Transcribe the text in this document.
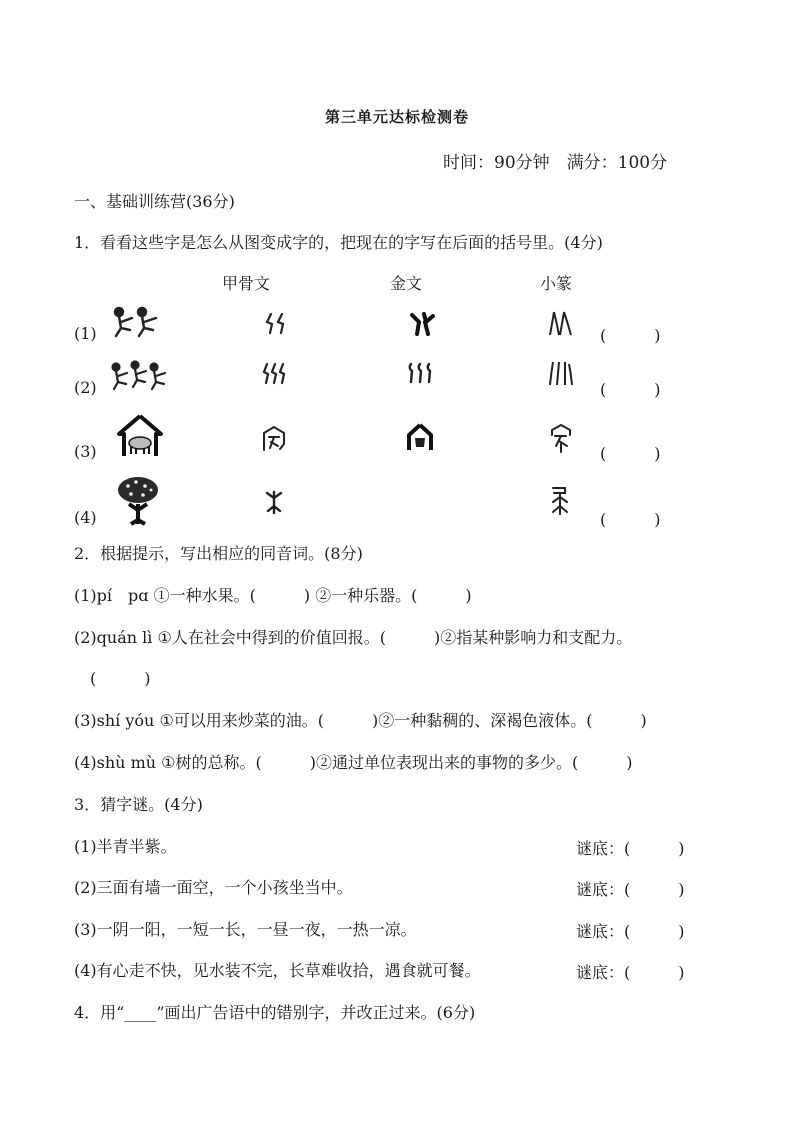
第三单元达标检测卷
时间：90分钟　满分：100分
一、基础训练营(36分)
1．看看这些字是怎么从图变成字的，把现在的字写在后面的括号里。(4分)
甲骨文	金文	小篆
(1)	(　　　)
(2)	(　　　)
(3)	(　　　)
(4)	(　　　)
2．根据提示，写出相应的同音词。(8分)
(1)pí　pɑ ①一种水果。(　　　) ②一种乐器。(　　　)
(2)quán lì ①人在社会中得到的价值回报。(　　　)②指某种影响力和支配力。
　(　　　)
(3)shí yóu ①可以用来炒菜的油。(　　　)②一种黏稠的、深褐色液体。(　　　)
(4)shù mù ①树的总称。(　　　)②通过单位表现出来的事物的多少。(　　　)
3．猜字谜。(4分)
(1)半青半紫。	谜底：(　　　)
(2)三面有墙一面空，一个小孩坐当中。	谜底：(　　　)
(3)一阴一阳，一短一长，一昼一夜，一热一凉。	谜底：(　　　)
(4)有心走不快，见水装不完，长草难收拾，遇食就可餐。	谜底：(　　　)
4．用“____”画出广告语中的错别字，并改正过来。(6分)
